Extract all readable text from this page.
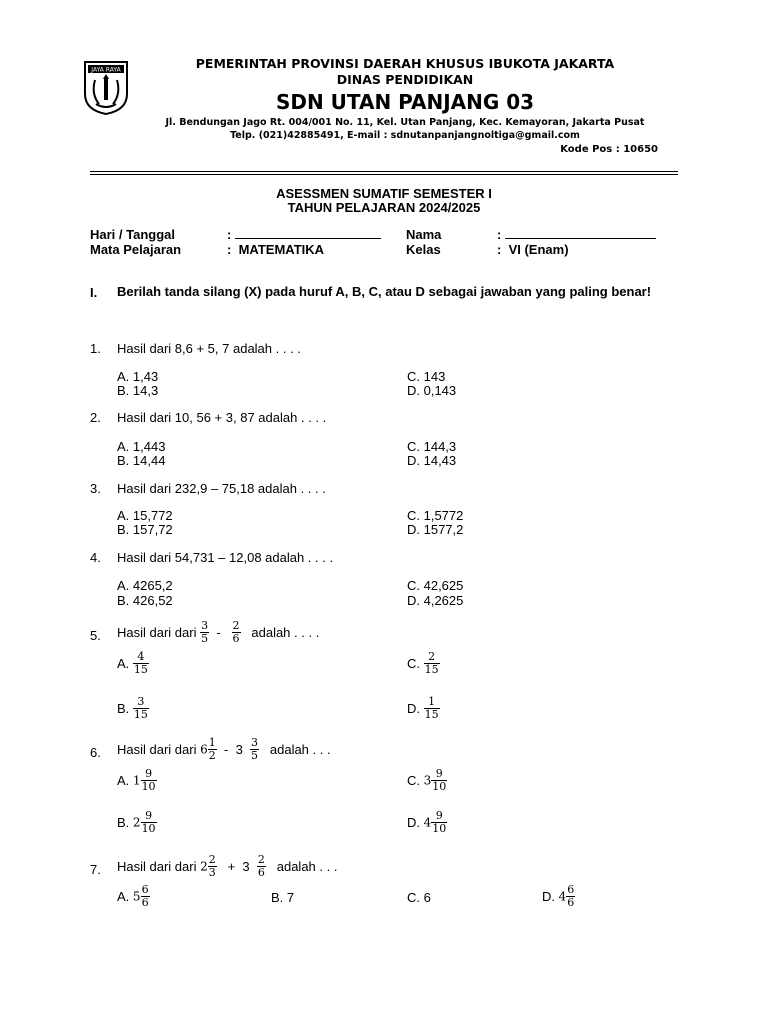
JAYA RAYA	PEMERINTAH PROVINSI DAERAH KHUSUS IBUKOTA JAKARTA
DINAS PENDIDIKAN
SDN UTAN PANJANG 03
Jl. Bendungan Jago Rt. 004/001 No. 11, Kel. Utan Panjang, Kec. Kemayoran, Jakarta Pusat
Telp. (021)42885491, E-mail : sdnutanpanjangnoltiga@gmail.com
Kode Pos : 10650
ASESSMEN SUMATIF SEMESTER I
TAHUN PELAJARAN 2024/2025
Hari / Tanggal	:
Mata Pelajaran	: MATEMATIKA
Nama	:
Kelas	: VI (Enam)
I. Berilah tanda silang (X) pada huruf A, B, C, atau D sebagai jawaban yang paling benar!
1. Hasil dari 8,6 + 5, 7 adalah . . . .
A. 1,43
B. 14,3
C. 143
D. 0,143
2. Hasil dari 10, 56 + 3, 87 adalah . . . .
A. 1,443
B. 14,44
C. 144,3
D. 14,43
3. Hasil dari 232,9 – 75,18 adalah . . . .
A. 15,772
B. 157,72
C. 1,5772
D. 1577,2
4. Hasil dari 54,731 – 12,08 adalah . . . .
A. 4265,2
B. 426,52
C. 42,625
D. 4,2625
5. Hasil dari dari $\frac{3}{5} - \frac{2}{6}$ adalah . . . .
A. $\frac{4}{15}$
B. $\frac{3}{15}$
C. $\frac{2}{15}$
D. $\frac{1}{15}$
6. Hasil dari dari $6 \frac{1}{2} - 3 \frac{3}{5}$ adalah . . .
A. $1 \frac{9}{10}$
B. $2 \frac{9}{10}$
C. $3 \frac{9}{10}$
D. $4 \frac{9}{10}$
7. Hasil dari dari $2 \frac{2}{3} + 3 \frac{2}{6}$ adalah . . .
A. $5 \frac{6}{6}$	B. 7	C. 6	D. $4 \frac{6}{6}$
